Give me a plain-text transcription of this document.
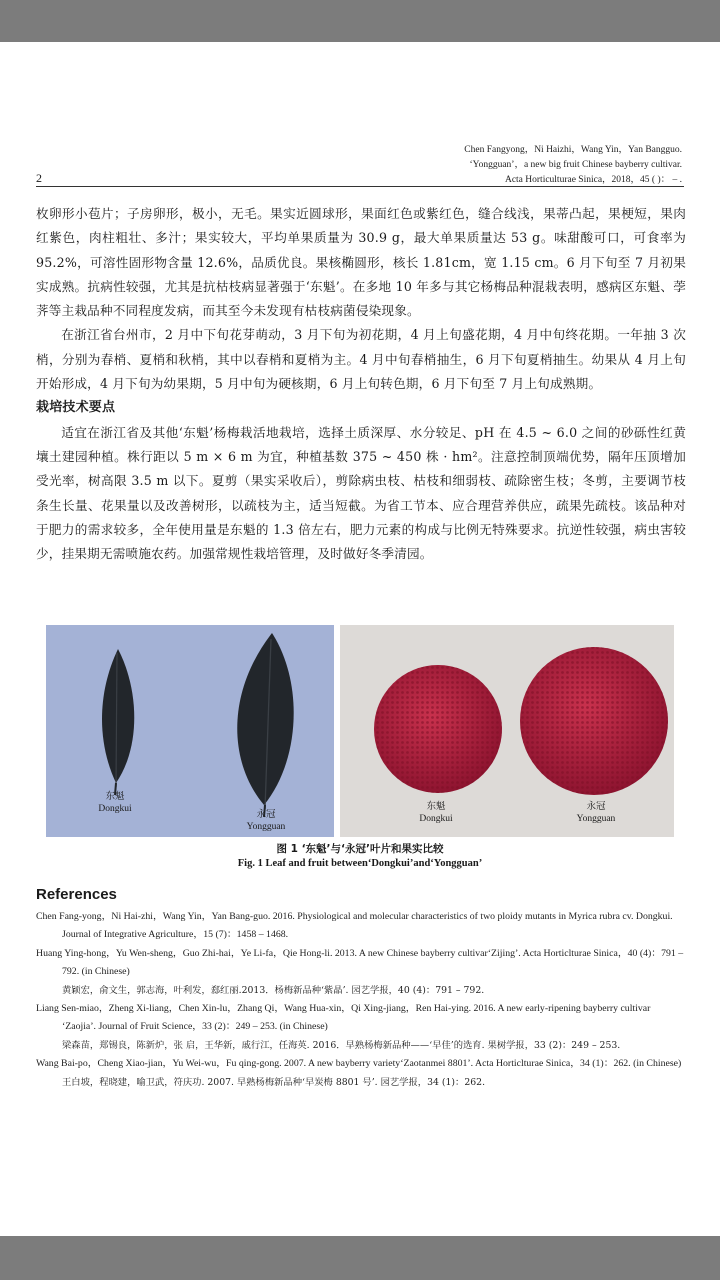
Chen Fangyong，Ni Haizhi，Wang Yin，Yan Bangguo.
‘Yongguan’，a new big fruit Chinese bayberry cultivar.
Acta Horticulturae Sinica，2018，45 ( )： – .
2

枚卵形小苞片；子房卵形，极小，无毛。果实近圆球形，果面红色或紫红色，缝合线浅，果蒂凸起，果梗短，果肉红紫色，肉柱粗壮、多汁；果实较大，平均单果质量为 30.9 g，最大单果质量达 53 g。味甜酸可口，可食率为 95.2%，可溶性固形物含量 12.6%，品质优良。果核椭圆形，核长 1.81cm，宽 1.15 cm。6 月下旬至 7 月初果实成熟。抗病性较强，尤其是抗枯枝病显著强于‘东魁’。在多地 10 年多与其它杨梅品种混栽表明，感病区东魁、荸荠等主栽品种不同程度发病，而其至今未发现有枯枝病菌侵染现象。

在浙江省台州市，2 月中下旬花芽萌动，3 月下旬为初花期，4 月上旬盛花期，4 月中旬终花期。一年抽 3 次梢，分别为春梢、夏梢和秋梢，其中以春梢和夏梢为主。4 月中旬春梢抽生，6 月下旬夏梢抽生。幼果从 4 月上旬开始形成，4 月下旬为幼果期，5 月中旬为硬核期，6 月上旬转色期，6 月下旬至 7 月上旬成熟期。

栽培技术要点

适宜在浙江省及其他‘东魁’杨梅栽活地栽培，选择土质深厚、水分较足、pH 在 4.5 ~ 6.0 之间的砂砾性红黄壤土建园种植。株行距以 5 m × 6 m 为宜，种植基数 375 ~ 450 株 · hm²。注意控制顶端优势，隔年压顶增加受光率，树高限 3.5 m 以下。夏剪（果实采收后），剪除病虫枝、枯枝和细弱枝、疏除密生枝；冬剪，主要调节枝条生长量、花果量以及改善树形，以疏枝为主，适当短截。为省工节本、应合理营养供应，疏果先疏枝。该品种对于肥力的需求较多，全年使用量是东魁的 1.3 倍左右，肥力元素的构成与比例无特殊要求。抗逆性较强，病虫害较少，挂果期无需喷施农药。加强常规性栽培管理，及时做好冬季清园。

东魁
Dongkui	永冠
Yongguan
东魁
Dongkui
永冠
Yongguan
图 1 ‘东魁’与‘永冠’叶片和果实比较
Fig. 1 Leaf and fruit between‘Dongkui’and‘Yongguan’
References

Chen Fang-yong，Ni Hai-zhi，Wang Yin，Yan Bang-guo. 2016. Physiological and molecular characteristics of two ploidy mutants in Myrica rubra cv. Dongkui. Journal of Integrative Agriculture，15 (7)：1458 – 1468.

Huang Ying-hong，Yu Wen-sheng，Guo Zhi-hai，Ye Li-fa，Qie Hong-li. 2013. A new Chinese bayberry cultivar‘Zijing’. Acta Horticlturae Sinica，40 (4)：791 – 792. (in Chinese)

黄颖宏，俞文生，郭志海，叶利发，郄红丽.2013．杨梅新品种‘紫晶’. 园艺学报，40 (4)：791 – 792.

Liang Sen-miao，Zheng Xi-liang，Chen Xin-lu，Zhang Qi，Wang Hua-xin，Qi Xing-jiang，Ren Hai-ying. 2016. A new early-ripening bayberry cultivar ‘Zaojia’. Journal of Fruit Science，33 (2)：249 – 253. (in Chinese)

梁森苗，郑锡良，陈新炉，张 启，王华新，戚行江，任海英. 2016．早熟杨梅新品种——‘早佳’的选育. 果树学报，33 (2)：249 – 253.

Wang Bai-po，Cheng Xiao-jian，Yu Wei-wu，Fu qing-gong. 2007. A new bayberry variety‘Zaotanmei 8801’. Acta Horticlturae Sinica，34 (1)：262. (in Chinese)

王白坡，程晓建，喻卫武，符庆功. 2007. 早熟杨梅新品种‘早炭梅 8801 号’. 园艺学报，34 (1)：262.
